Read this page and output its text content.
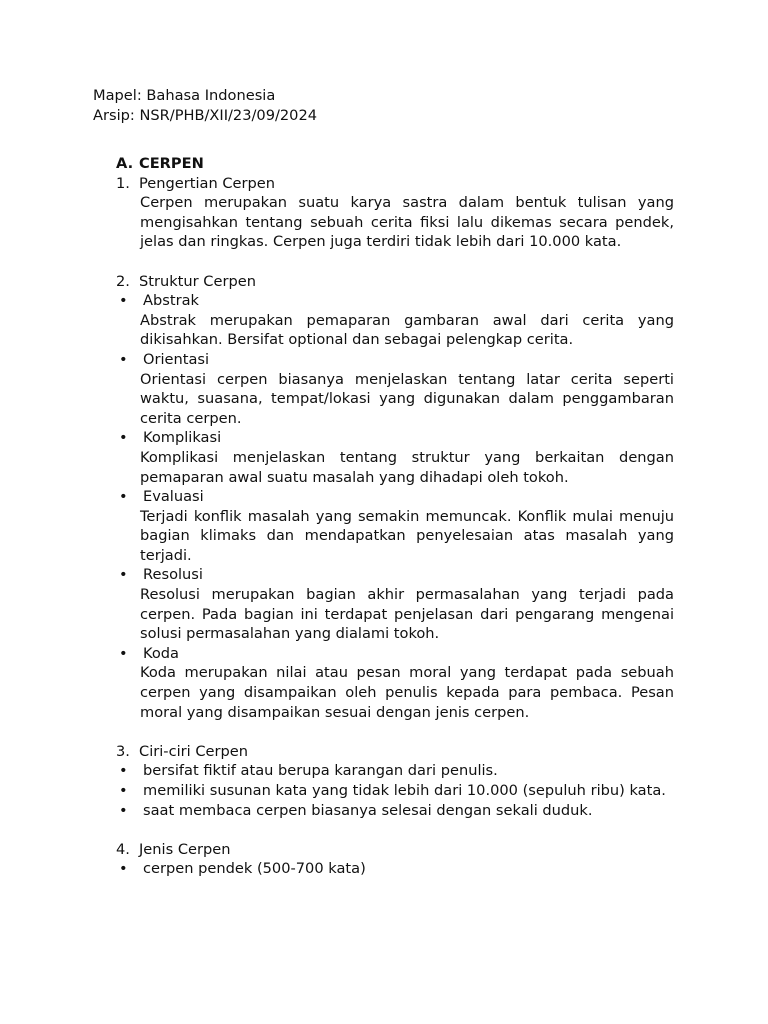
Mapel: Bahasa Indonesia
Arsip: NSR/PHB/XII/23/09/2024
A. CERPEN
1. Pengertian Cerpen
Cerpen merupakan suatu karya sastra dalam bentuk tulisan yang mengisahkan tentang sebuah cerita fiksi lalu dikemas secara pendek, jelas dan ringkas. Cerpen juga terdiri tidak lebih dari 10.000 kata.
2. Struktur Cerpen
•	Abstrak
Abstrak merupakan pemaparan gambaran awal dari cerita yang dikisahkan. Bersifat optional dan sebagai pelengkap cerita.
•	Orientasi
Orientasi cerpen biasanya menjelaskan tentang latar cerita seperti waktu, suasana, tempat/lokasi yang digunakan dalam penggambaran cerita cerpen.
•	Komplikasi
Komplikasi menjelaskan tentang struktur yang berkaitan dengan pemaparan awal suatu masalah yang dihadapi oleh tokoh.
•	Evaluasi
Terjadi konflik masalah yang semakin memuncak. Konflik mulai menuju bagian klimaks dan mendapatkan penyelesaian atas masalah yang terjadi.
•	Resolusi
Resolusi merupakan bagian akhir permasalahan yang terjadi pada cerpen. Pada bagian ini terdapat penjelasan dari pengarang mengenai solusi permasalahan yang dialami tokoh.
•	Koda
Koda merupakan nilai atau pesan moral yang terdapat pada sebuah cerpen yang disampaikan oleh penulis kepada para pembaca. Pesan moral yang disampaikan sesuai dengan jenis cerpen.
3. Ciri-ciri Cerpen
•	bersifat fiktif atau berupa karangan dari penulis.
•	memiliki susunan kata yang tidak lebih dari 10.000 (sepuluh ribu) kata.
•	saat membaca cerpen biasanya selesai dengan sekali duduk.
4. Jenis Cerpen
•	cerpen pendek (500-700 kata)
